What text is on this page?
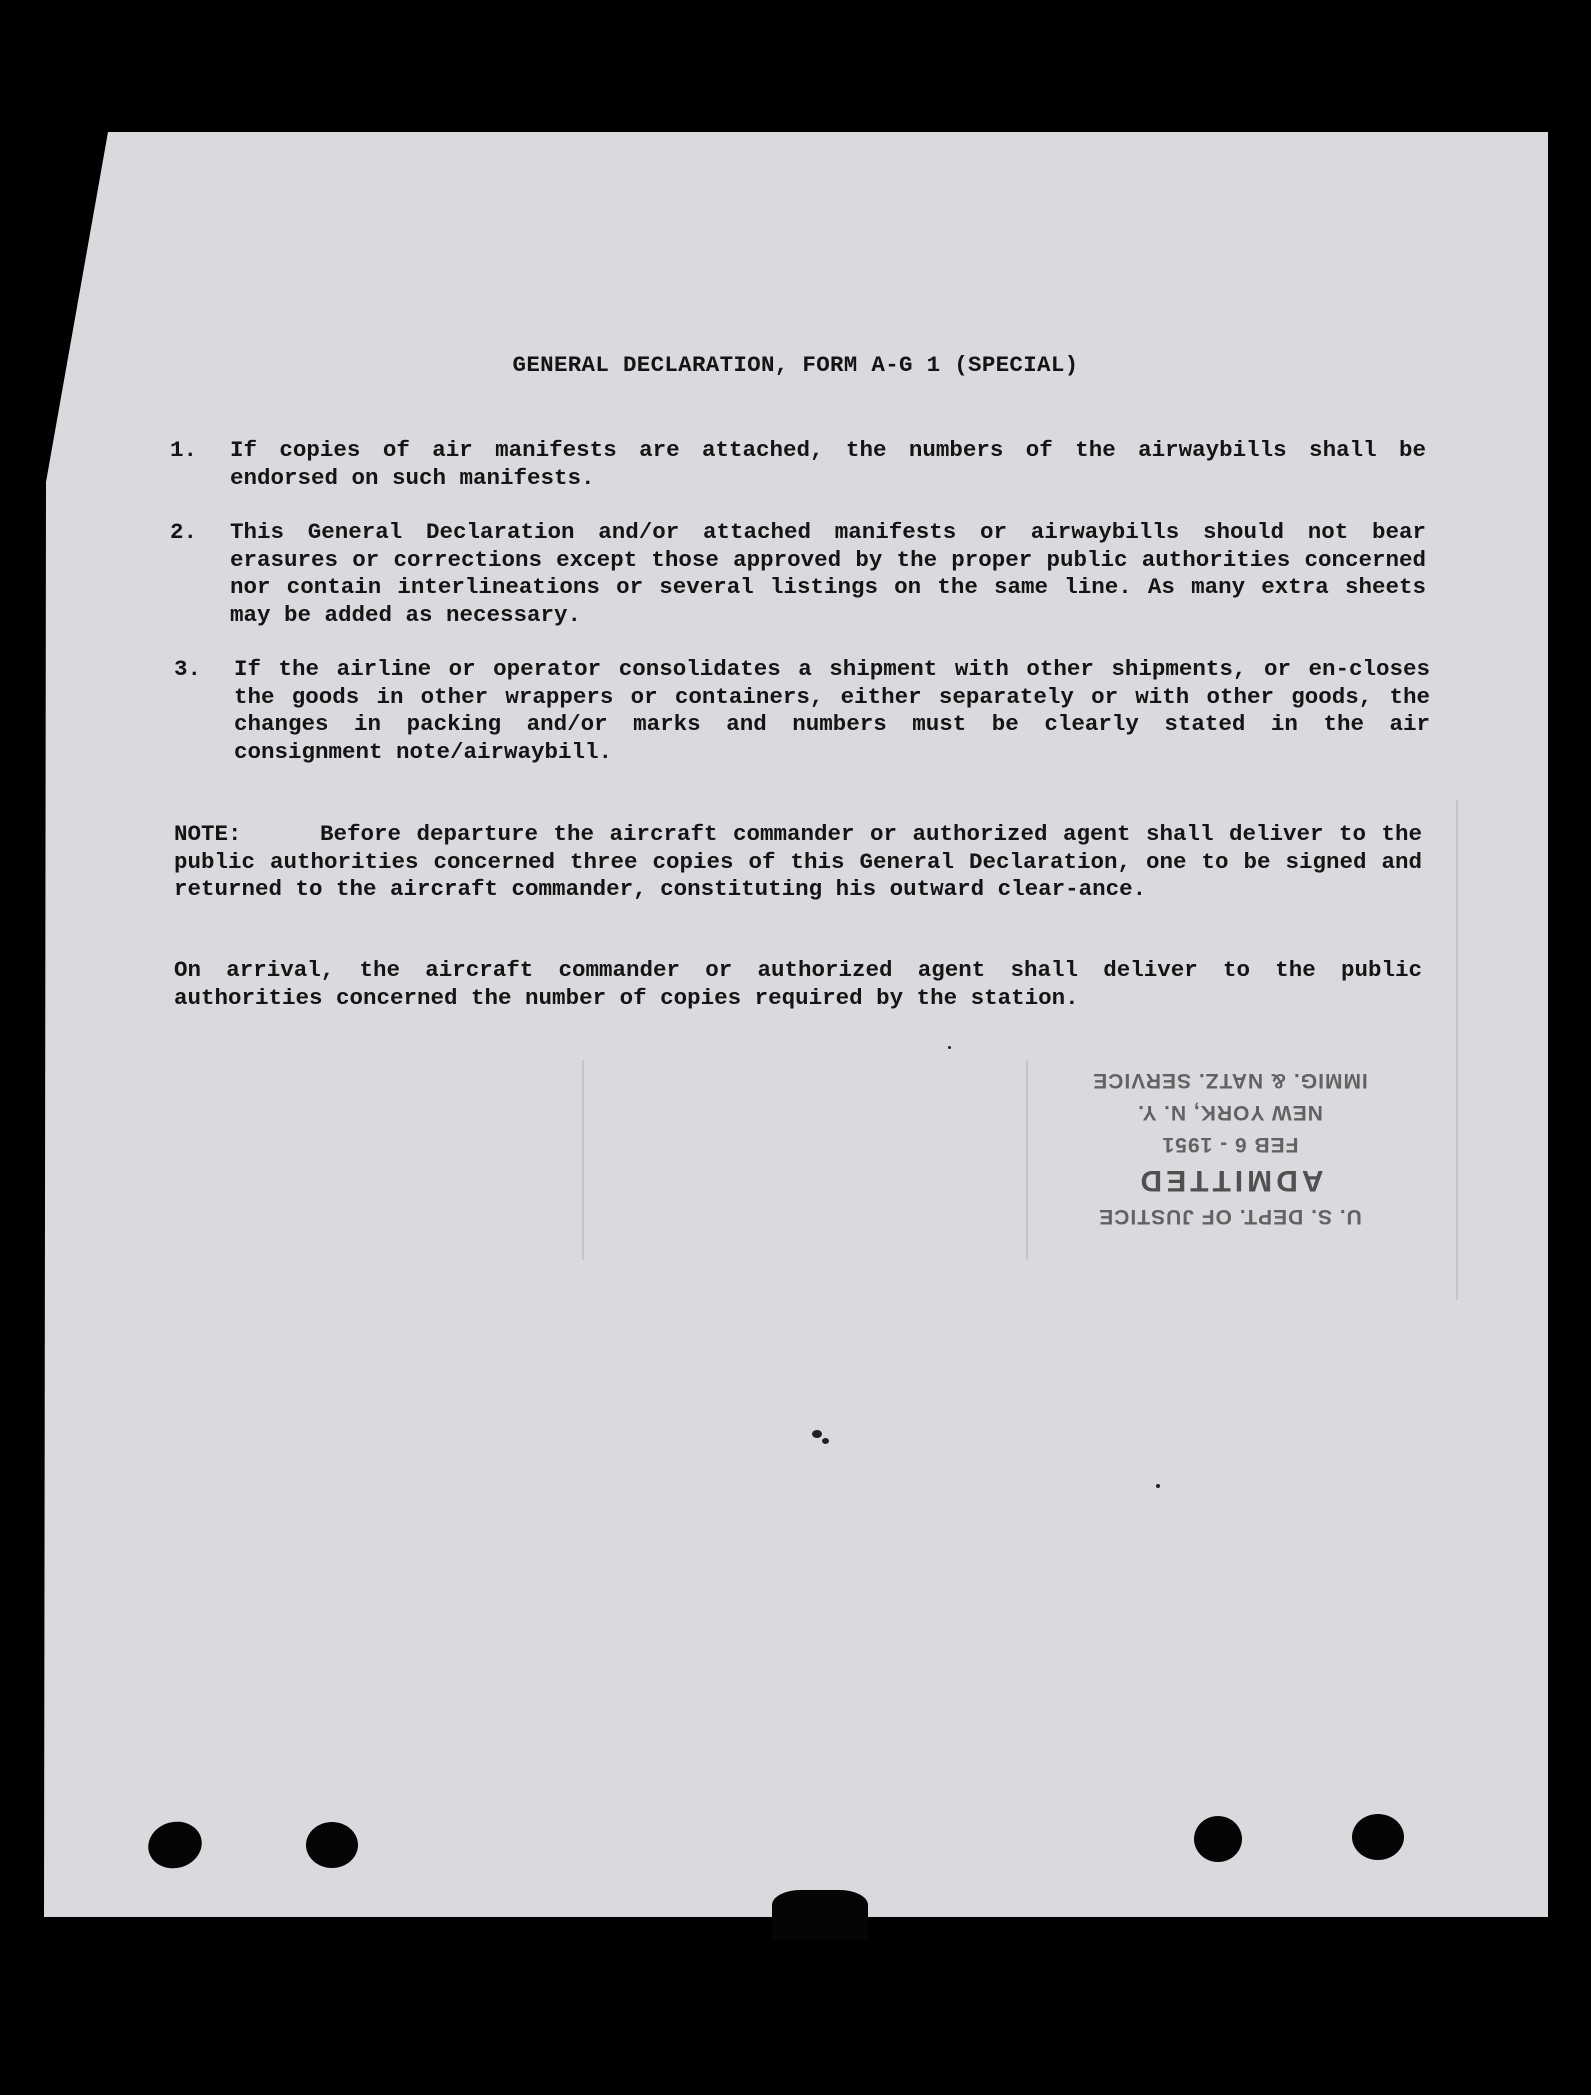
GENERAL DECLARATION, FORM A-G 1 (SPECIAL)
1. If copies of air manifests are attached, the numbers of the airwaybills shall be endorsed on such manifests.
2. This General Declaration and/or attached manifests or airwaybills should not bear erasures or corrections except those approved by the proper public authorities concerned nor contain interlineations or several listings on the same line. As many extra sheets may be added as necessary.
3. If the airline or operator consolidates a shipment with other shipments, or en-closes the goods in other wrappers or containers, either separately or with other goods, the changes in packing and/or marks and numbers must be clearly stated in the air consignment note/airwaybill.
NOTE:	Before departure the aircraft commander or authorized agent shall deliver to the public authorities concerned three copies of this General Declaration, one to be signed and returned to the aircraft commander, constituting his outward clear-ance.
On arrival, the aircraft commander or authorized agent shall deliver to the public authorities concerned the number of copies required by the station.
U. S. DEPT. OF JUSTICE
ADMITTED
FEB 6 - 1951
NEW YORK, N. Y.
IMMIG. & NATZ. SERVICE
